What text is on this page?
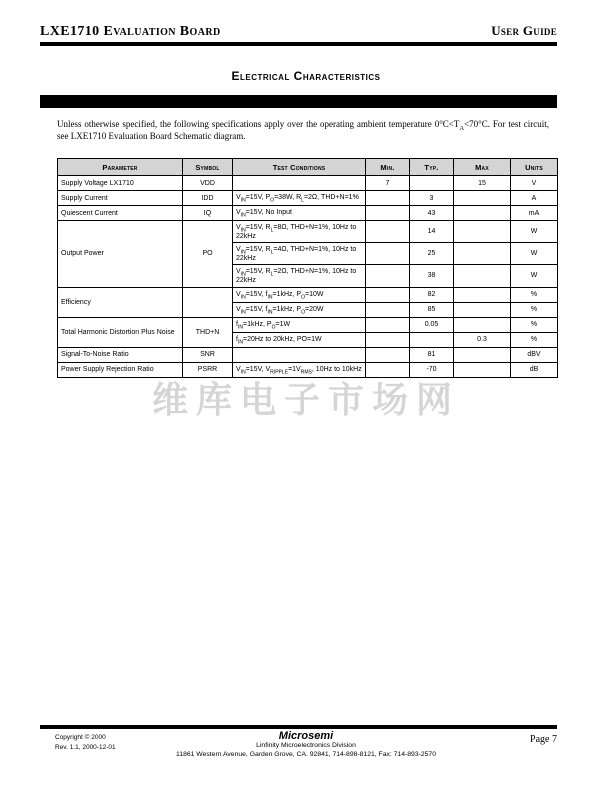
LXE1710 Evaluation Board	User Guide
Electrical Characteristics

Unless otherwise specified, the following specifications apply over the operating ambient temperature $0^\circ C<T_A<70^\circ C$. For test circuit, see LXE1710 Evaluation Board Schematic diagram.

Parameter	Symbol	Test Conditions	Min.	Typ.	Max	Units
Supply Voltage LX1710	VDD		7		15	V
Supply Current	IDD	$V_{IN}=15V$, $P_O=38W$, $R_L=2\Omega$, THD+N=1%		3		A
Quiescent Current	IQ	$V_{IN}=15V$, No Input		43		mA
Output Power	PO	$V_{IN}=15V$, $R_L=8\Omega$, THD+N=1%, 10Hz to 22kHz		14		W
		$V_{IN}=15V$, $R_L=4\Omega$, THD+N=1%, 10Hz to 22kHz		25		W
		$V_{IN}=15V$, $R_L=2\Omega$, THD+N=1%, 10Hz to 22kHz		38		W
Efficiency		$V_{IN}=15V$, $f_{IN}=1kHz$, $P_O=10W$		82		%
		$V_{IN}=15V$, $f_{IN}=1kHz$, $P_O=20W$		85		%
Total Harmonic Distortion Plus Noise	THD+N	$f_{IN}=1kHz$, $P_O=1W$		0.05		%
		$f_{IN}=20Hz$ to 20kHz, PO=1W			0.3	%
Signal-To-Noise Ratio	SNR			81		dBV
Power Supply Rejection Ratio	PSRR	$V_{IN}=15V$, $V_{RIPPLE}=1V_{RMS}$, 10Hz to 10kHz		-70		dB
维库电子市场网
Copyright © 2000
Rev. 1.1, 2000-12-01
Microsemi
Linfinity Microelectronics Division
11861 Western Avenue, Garden Grove, CA. 92841, 714-898-8121, Fax: 714-893-2570
Page 7
